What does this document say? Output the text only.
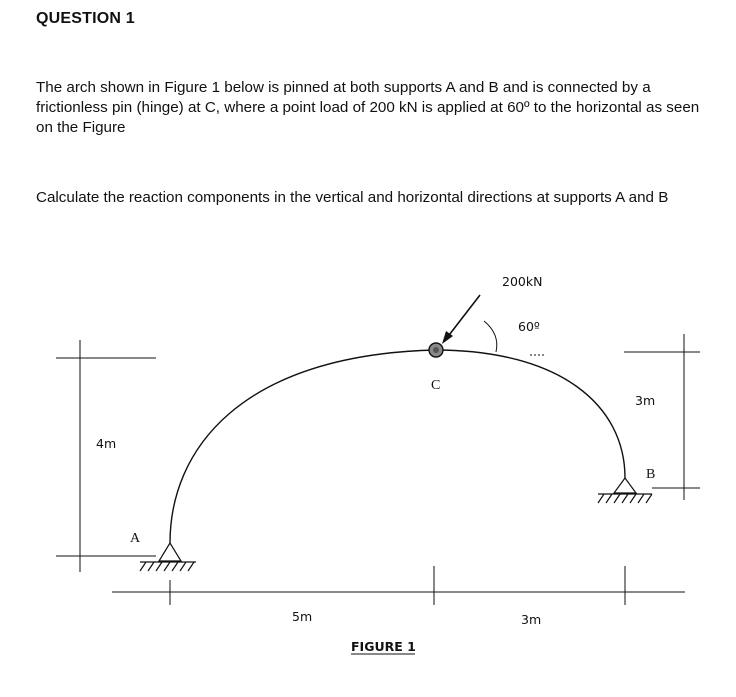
QUESTION 1
The arch shown in Figure 1 below is pinned at both supports A and B and is connected by a frictionless pin (hinge) at C, where a point load of 200 kN is applied at 60º to the horizontal as seen on the Figure
Calculate the reaction components in the vertical and horizontal directions at supports A and B
4m
3m
5m	3m
A
B
C
200kN
60º
FIGURE 1
